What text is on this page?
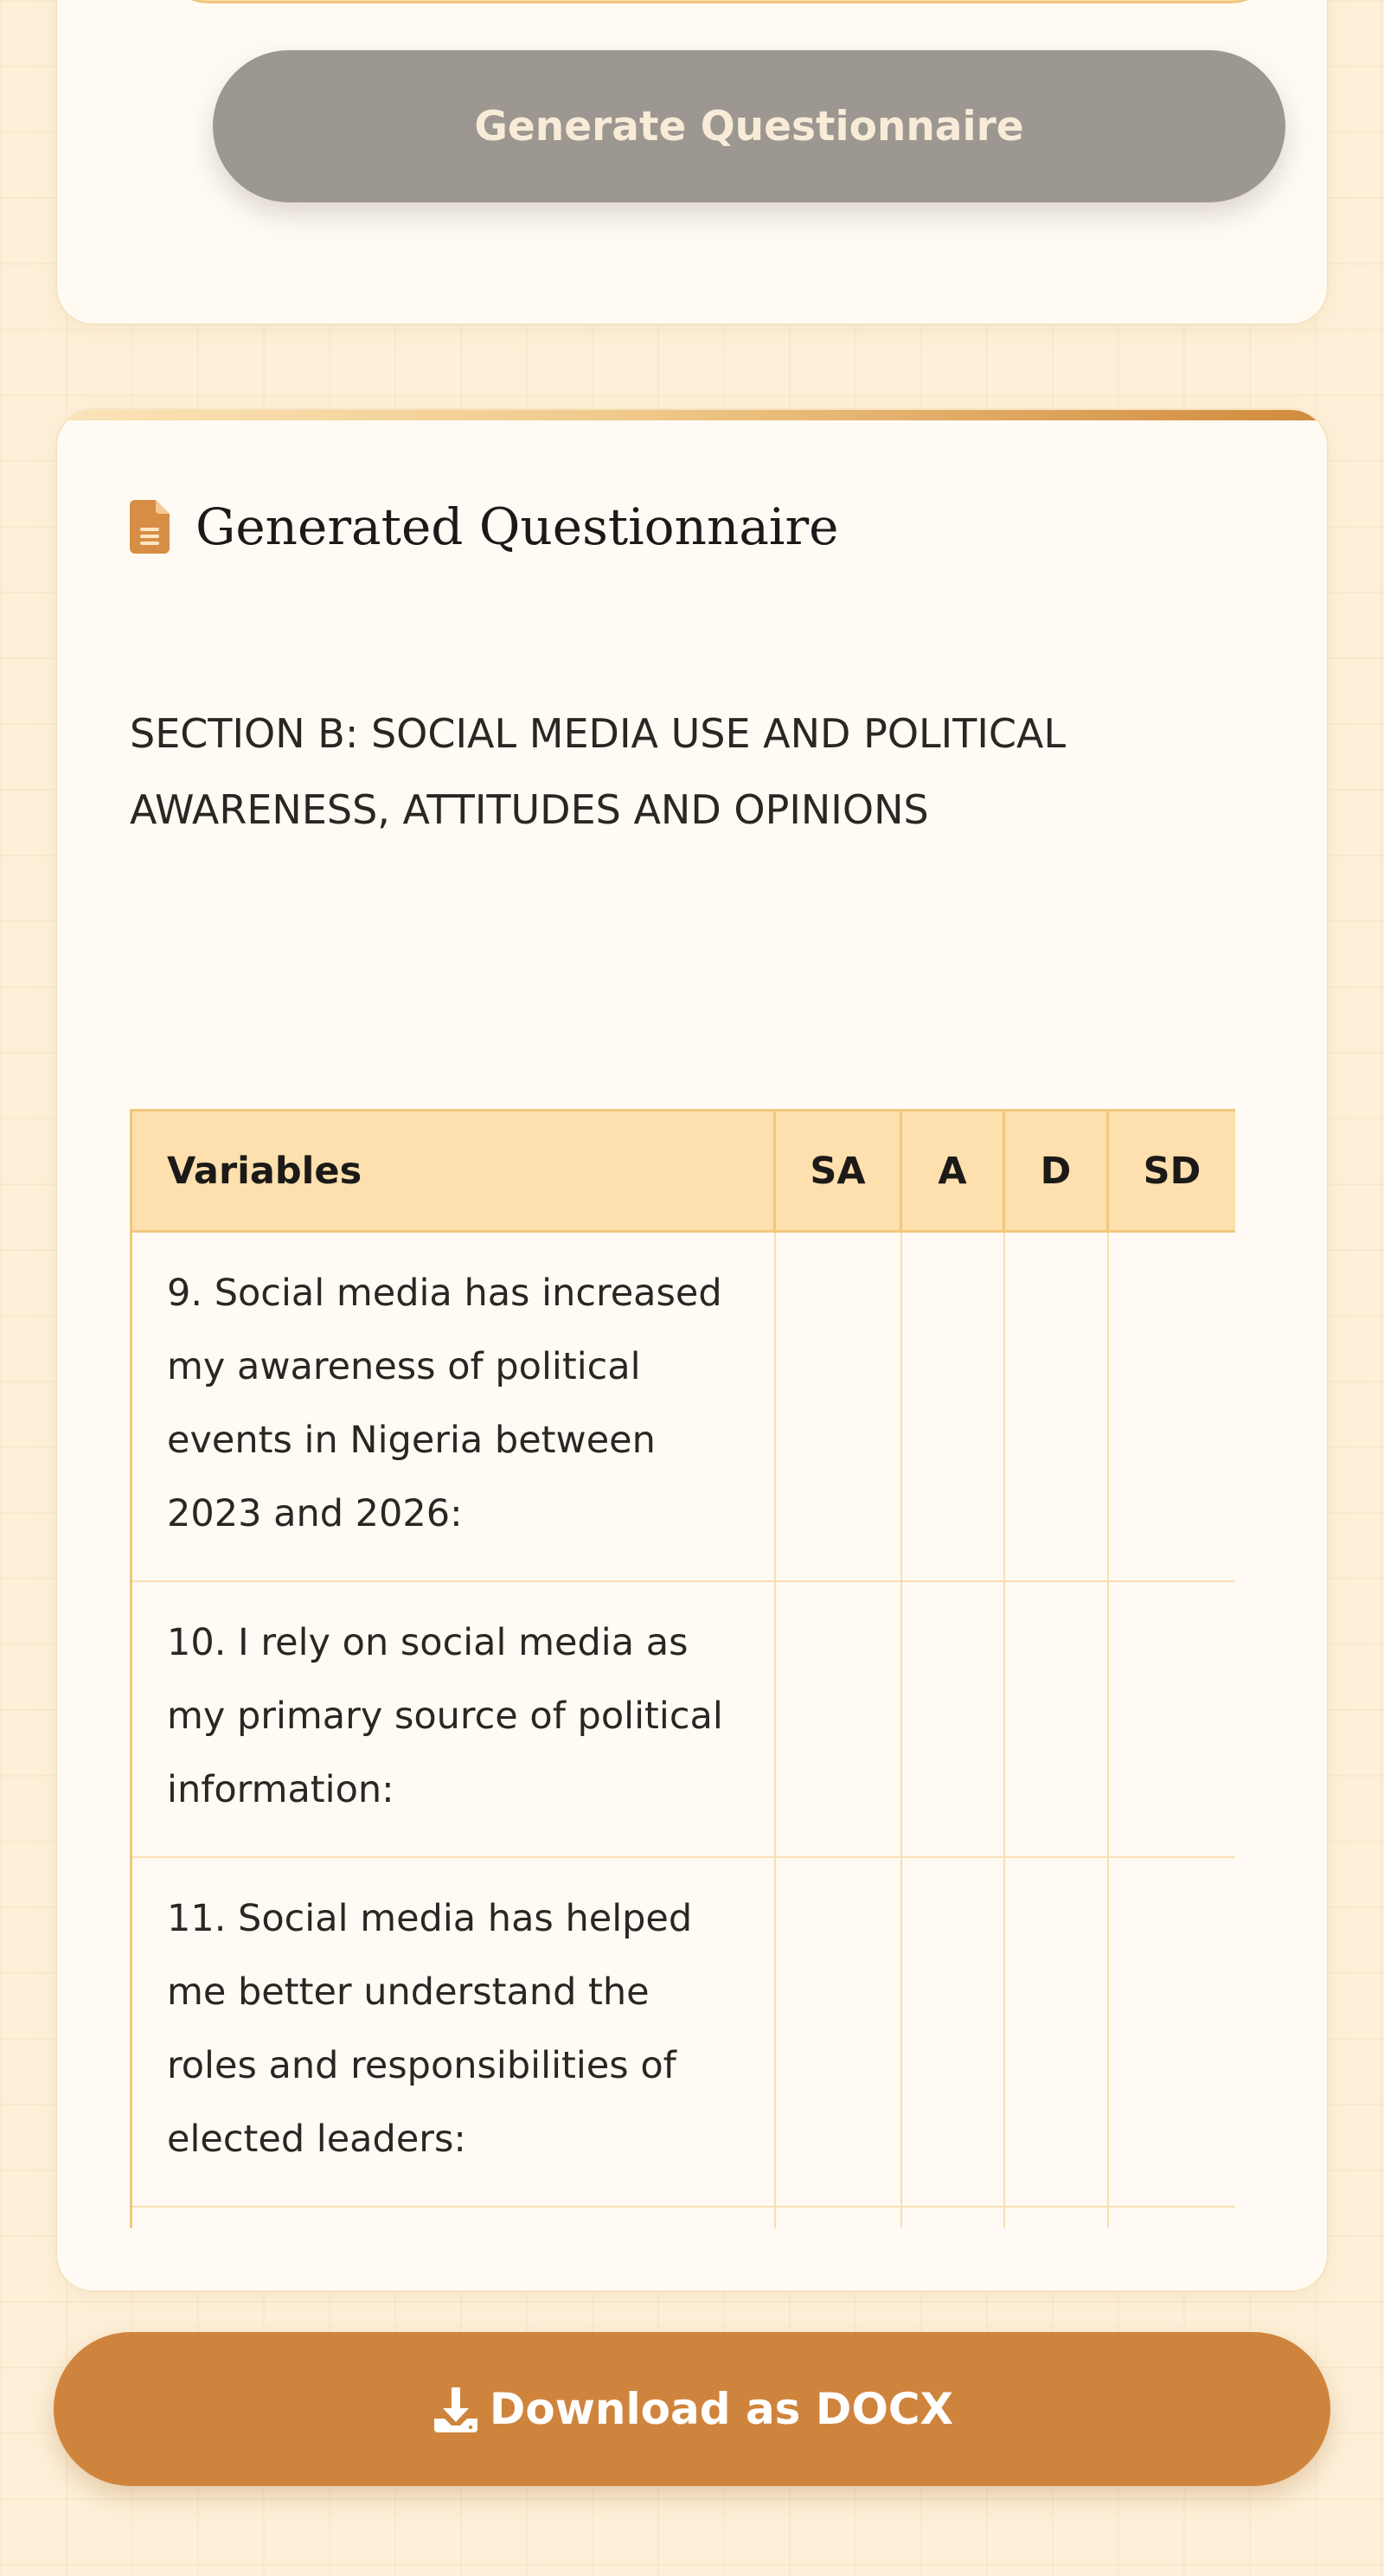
Generate Questionnaire
Generated Questionnaire
SECTION B: SOCIAL MEDIA USE AND POLITICAL AWARENESS, ATTITUDES AND OPINIONS
Variables	SA	A	D	SD
9. Social media has increased my awareness of political events in Nigeria between 2023 and 2026:				
10. I rely on social media as my primary source of political information:				
11. Social media has helped me better understand the roles and responsibilities of elected leaders:				

Download as DOCX
